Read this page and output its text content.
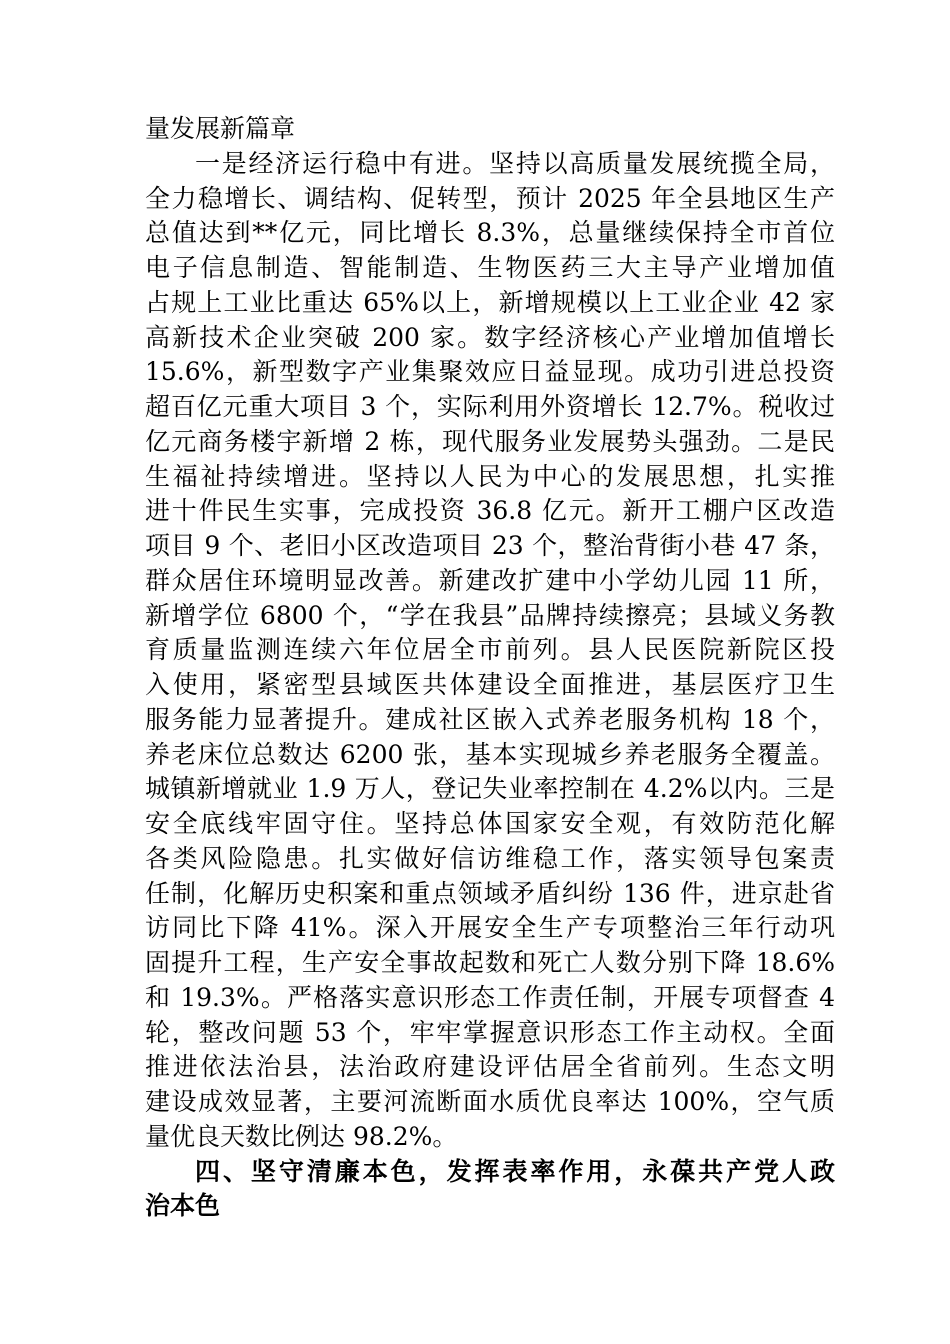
量发展新篇章
一是经济运行稳中有进。坚持以高质量发展统揽全局，
全力稳增长、调结构、促转型，预计 2025 年全县地区生产
总值达到**亿元，同比增长 8.3%，总量继续保持全市首位
电子信息制造、智能制造、生物医药三大主导产业增加值
占规上工业比重达 65%以上，新增规模以上工业企业 42 家
高新技术企业突破 200 家。数字经济核心产业增加值增长
15.6%，新型数字产业集聚效应日益显现。成功引进总投资
超百亿元重大项目 3 个，实际利用外资增长 12.7%。税收过
亿元商务楼宇新增 2 栋，现代服务业发展势头强劲。二是民
生福祉持续增进。坚持以人民为中心的发展思想，扎实推
进十件民生实事，完成投资 36.8 亿元。新开工棚户区改造
项目 9 个、老旧小区改造项目 23 个，整治背街小巷 47 条，
群众居住环境明显改善。新建改扩建中小学幼儿园 11 所，
新增学位 6800 个，“学在我县”品牌持续擦亮；县域义务教
育质量监测连续六年位居全市前列。县人民医院新院区投
入使用，紧密型县域医共体建设全面推进，基层医疗卫生
服务能力显著提升。建成社区嵌入式养老服务机构 18 个，
养老床位总数达 6200 张，基本实现城乡养老服务全覆盖。
城镇新增就业 1.9 万人，登记失业率控制在 4.2%以内。三是
安全底线牢固守住。坚持总体国家安全观，有效防范化解
各类风险隐患。扎实做好信访维稳工作，落实领导包案责
任制，化解历史积案和重点领域矛盾纠纷 136 件，进京赴省
访同比下降 41%。深入开展安全生产专项整治三年行动巩
固提升工程，生产安全事故起数和死亡人数分别下降 18.6%
和 19.3%。严格落实意识形态工作责任制，开展专项督查 4
轮，整改问题 53 个，牢牢掌握意识形态工作主动权。全面
推进依法治县，法治政府建设评估居全省前列。生态文明
建设成效显著，主要河流断面水质优良率达 100%，空气质
量优良天数比例达 98.2%。
四、坚守清廉本色，发挥表率作用，永葆共产党人政
治本色
